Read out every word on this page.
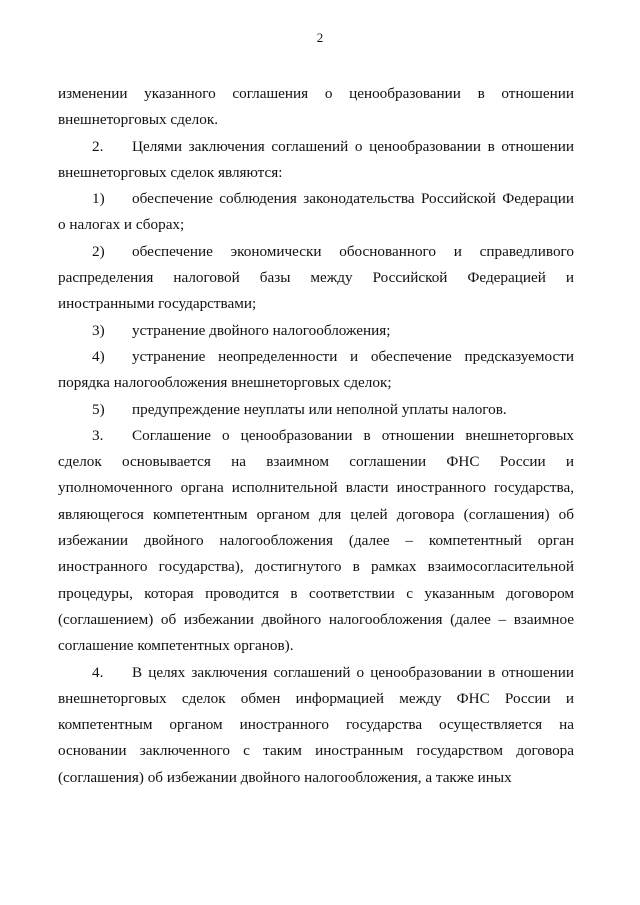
2

изменении указанного соглашения о ценообразовании в отношении внешнеторговых сделок.

2. Целями заключения соглашений о ценообразовании в отношении внешнеторговых сделок являются:

1) обеспечение соблюдения законодательства Российской Федерации о налогах и сборах;

2) обеспечение экономически обоснованного и справедливого распределения налоговой базы между Российской Федерацией и иностранными государствами;

3) устранение двойного налогообложения;

4) устранение неопределенности и обеспечение предсказуемости порядка налогообложения внешнеторговых сделок;

5) предупреждение неуплаты или неполной уплаты налогов.

3. Соглашение о ценообразовании в отношении внешнеторговых сделок основывается на взаимном соглашении ФНС России и уполномоченного органа исполнительной власти иностранного государства, являющегося компетентным органом для целей договора (соглашения) об избежании двойного налогообложения (далее – компетентный орган иностранного государства), достигнутого в рамках взаимосогласительной процедуры, которая проводится в соответствии с указанным договором (соглашением) об избежании двойного налогообложения (далее – взаимное соглашение компетентных органов).

4. В целях заключения соглашений о ценообразовании в отношении внешнеторговых сделок обмен информацией между ФНС России и компетентным органом иностранного государства осуществляется на основании заключенного с таким иностранным государством договора (соглашения) об избежании двойного налогообложения, а также иных
